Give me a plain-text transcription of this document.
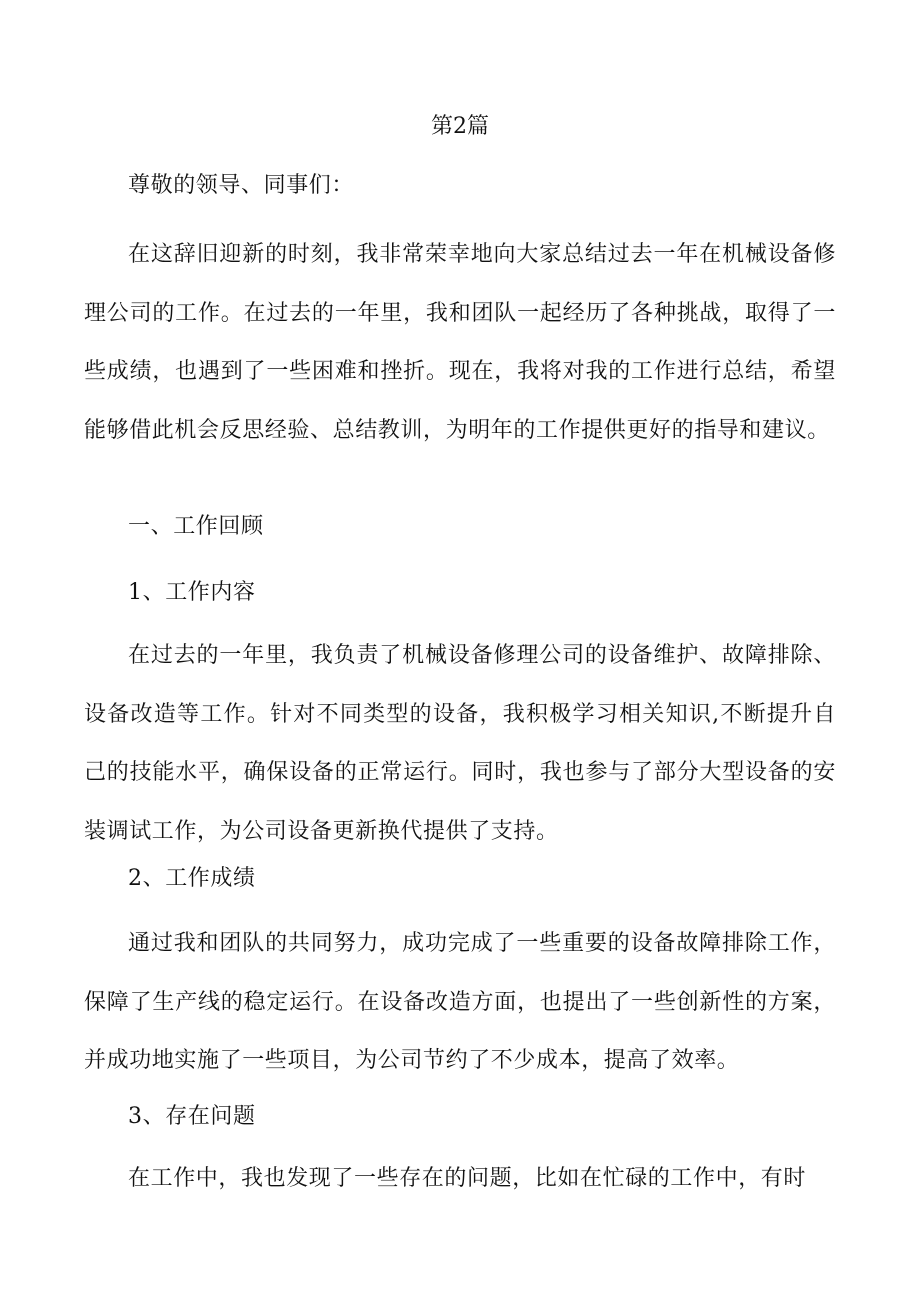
第2篇

尊敬的领导、同事们：

在这辞旧迎新的时刻，我非常荣幸地向大家总结过去一年在机械设备修理公司的工作。在过去的一年里，我和团队一起经历了各种挑战，取得了一些成绩，也遇到了一些困难和挫折。现在，我将对我的工作进行总结，希望能够借此机会反思经验、总结教训，为明年的工作提供更好的指导和建议。

一、工作回顾

1、工作内容

在过去的一年里，我负责了机械设备修理公司的设备维护、故障排除、设备改造等工作。针对不同类型的设备，我积极学习相关知识,不断提升自己的技能水平，确保设备的正常运行。同时，我也参与了部分大型设备的安装调试工作，为公司设备更新换代提供了支持。

2、工作成绩

通过我和团队的共同努力，成功完成了一些重要的设备故障排除工作，保障了生产线的稳定运行。在设备改造方面，也提出了一些创新性的方案，并成功地实施了一些项目，为公司节约了不少成本，提高了效率。

3、存在问题

在工作中，我也发现了一些存在的问题，比如在忙碌的工作中，有时
